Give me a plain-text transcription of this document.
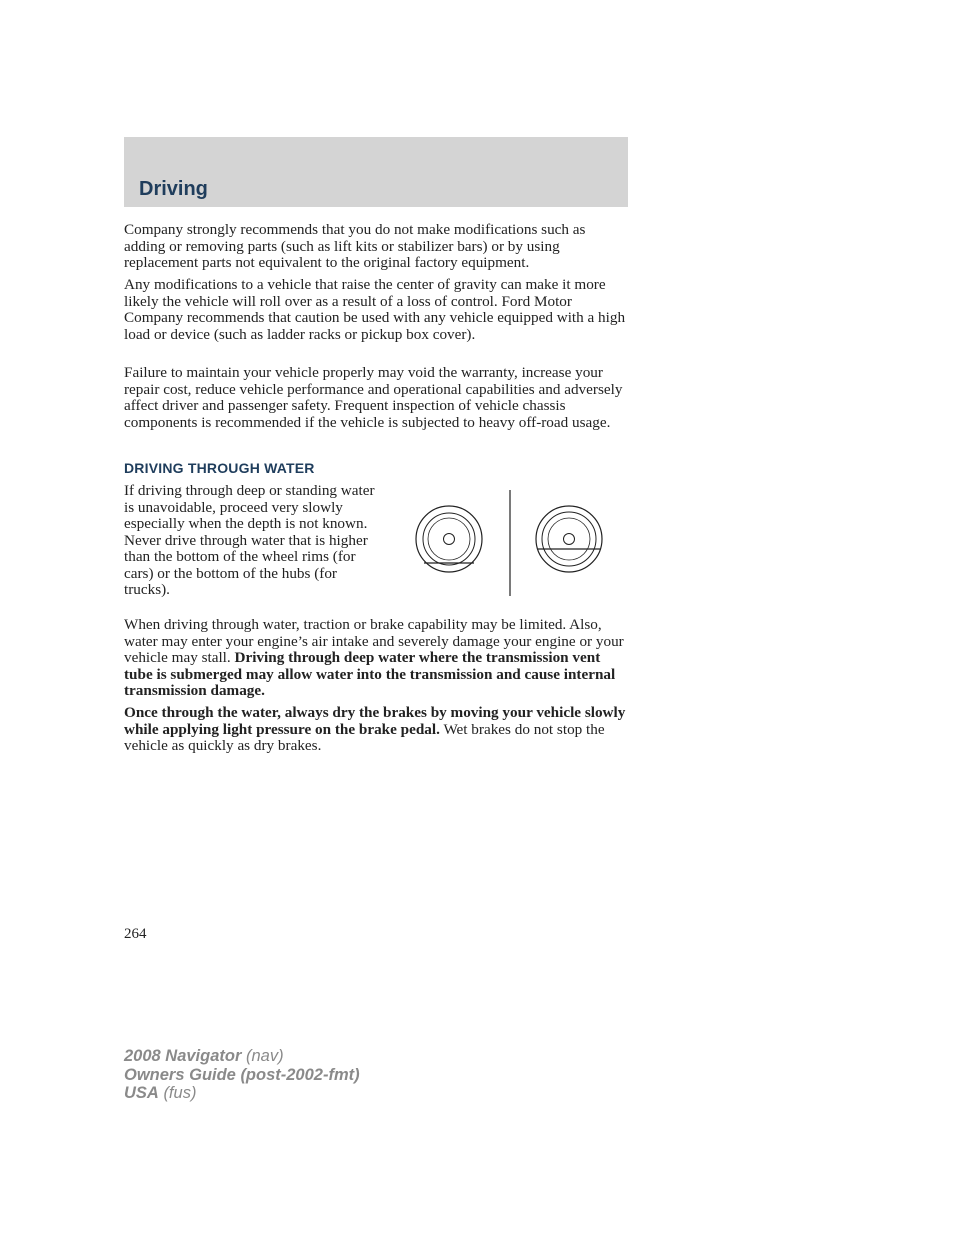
Driving

Company strongly recommends that you do not make modifications such as adding or removing parts (such as lift kits or stabilizer bars) or by using replacement parts not equivalent to the original factory equipment.

Any modifications to a vehicle that raise the center of gravity can make it more likely the vehicle will roll over as a result of a loss of control. Ford Motor Company recommends that caution be used with any vehicle equipped with a high load or device (such as ladder racks or pickup box cover).

Failure to maintain your vehicle properly may void the warranty, increase your repair cost, reduce vehicle performance and operational capabilities and adversely affect driver and passenger safety. Frequent inspection of vehicle chassis components is recommended if the vehicle is subjected to heavy off-road usage.

DRIVING THROUGH WATER

If driving through deep or standing water is unavoidable, proceed very slowly especially when the depth is not known. Never drive through water that is higher than the bottom of the wheel rims (for cars) or the bottom of the hubs (for trucks).

When driving through water, traction or brake capability may be limited. Also, water may enter your engine’s air intake and severely damage your engine or your vehicle may stall. Driving through deep water where the transmission vent tube is submerged may allow water into the transmission and cause internal transmission damage.

Once through the water, always dry the brakes by moving your vehicle slowly while applying light pressure on the brake pedal. Wet brakes do not stop the vehicle as quickly as dry brakes.

264
2008 Navigator (nav)
Owners Guide (post-2002-fmt)
USA (fus)
